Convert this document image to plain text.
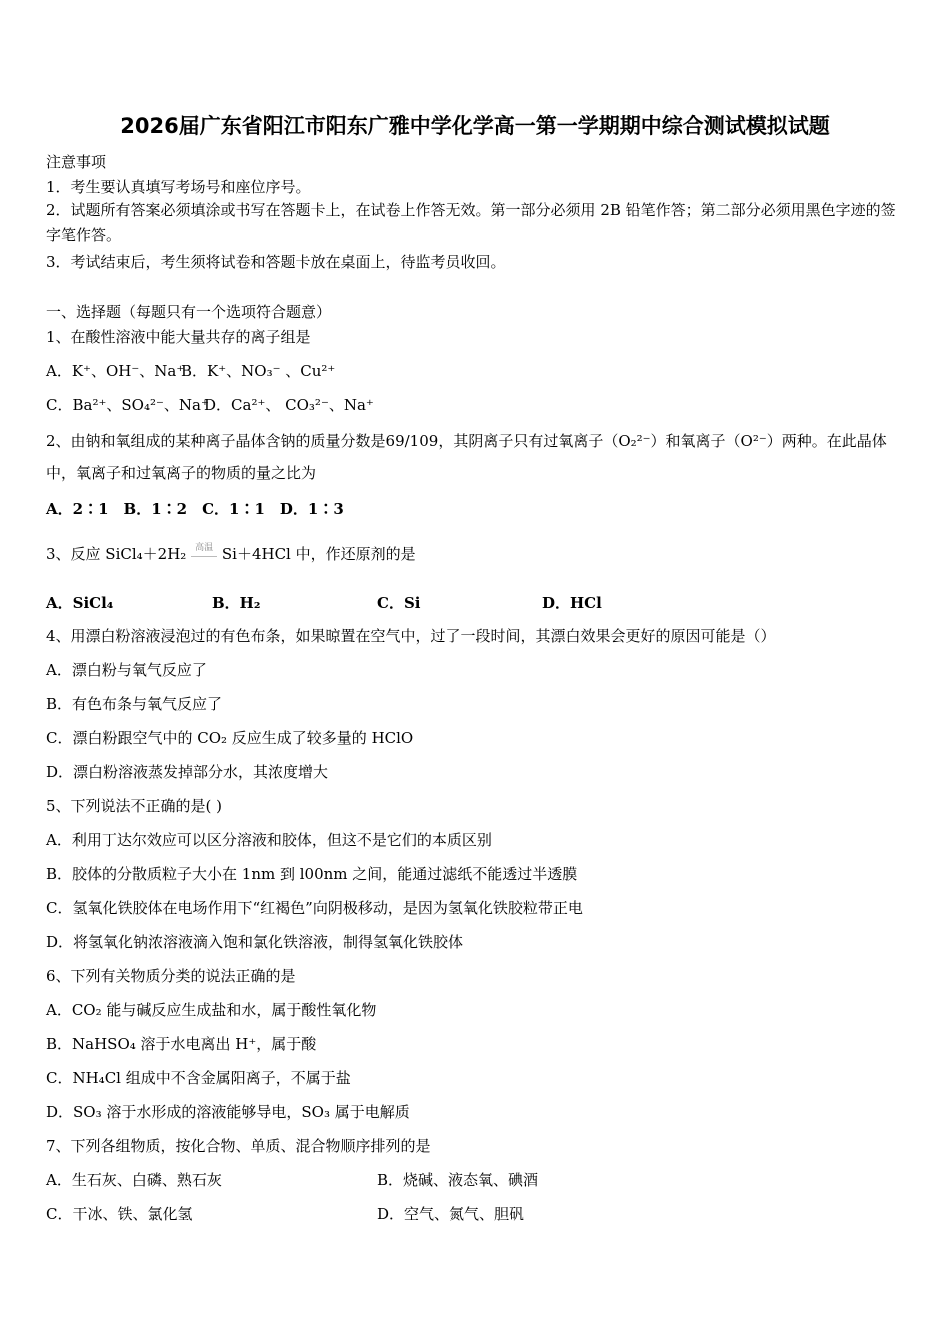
2026届广东省阳江市阳东广雅中学化学高一第一学期期中综合测试模拟试题
注意事项
1．考生要认真填写考场号和座位序号。
2．试题所有答案必须填涂或书写在答题卡上，在试卷上作答无效。第一部分必须用 2B 铅笔作答；第二部分必须用黑色字迹的签字笔作答。
3．考试结束后，考生须将试卷和答题卡放在桌面上，待监考员收回。
一、选择题（每题只有一个选项符合题意）
1、在酸性溶液中能大量共存的离子组是
A．K⁺、OH⁻、Na⁺B．K⁺、NO₃⁻ 、Cu²⁺
C．Ba²⁺、SO₄²⁻、Na⁺D．Ca²⁺、 CO₃²⁻、Na⁺
2、由钠和氧组成的某种离子晶体含钠的质量分数是69/109，其阴离子只有过氧离子（O₂²⁻）和氧离子（O²⁻）两种。在此晶体中，氧离子和过氧离子的物质的量之比为
A．2∶1　B．1∶2　C．1∶1　D．1∶3
3、反应 SiCl₄＋2H₂ 高温 Si＋4HCl 中，作还原剂的是
A．SiCl₄	B．H₂	C．Si	D．HCl
4、用漂白粉溶液浸泡过的有色布条，如果晾置在空气中，过了一段时间，其漂白效果会更好的原因可能是（）
A．漂白粉与氧气反应了
B．有色布条与氧气反应了
C．漂白粉跟空气中的 CO₂ 反应生成了较多量的 HClO
D．漂白粉溶液蒸发掉部分水，其浓度增大
5、下列说法不正确的是( )
A．利用丁达尔效应可以区分溶液和胶体，但这不是它们的本质区别
B．胶体的分散质粒子大小在 1nm 到 l00nm 之间，能通过滤纸不能透过半透膜
C．氢氧化铁胶体在电场作用下“红褐色”向阴极移动，是因为氢氧化铁胶粒带正电
D．将氢氧化钠浓溶液滴入饱和氯化铁溶液，制得氢氧化铁胶体
6、下列有关物质分类的说法正确的是
A．CO₂ 能与碱反应生成盐和水，属于酸性氧化物
B．NaHSO₄ 溶于水电离出 H⁺，属于酸
C．NH₄Cl 组成中不含金属阳离子，不属于盐
D．SO₃ 溶于水形成的溶液能够导电，SO₃ 属于电解质
7、下列各组物质，按化合物、单质、混合物顺序排列的是
A．生石灰、白磷、熟石灰	B．烧碱、液态氧、碘酒
C．干冰、铁、氯化氢	D．空气、氮气、胆矾
